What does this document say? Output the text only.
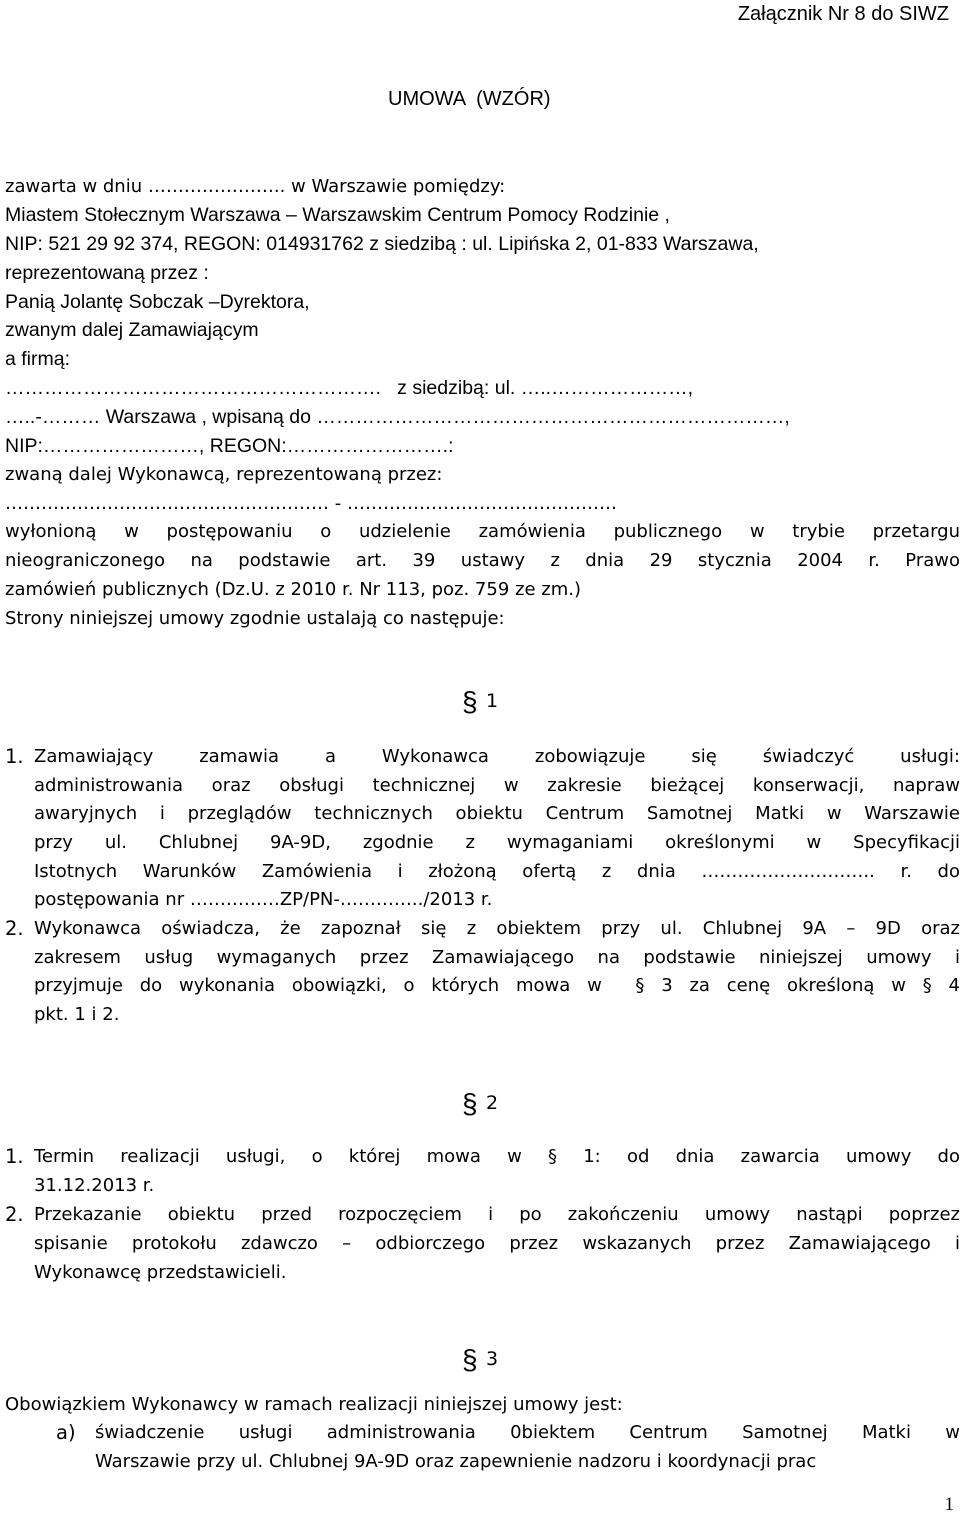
Załącznik Nr 8 do SIWZ
UMOWA  (WZÓR)

zawarta w dniu ………………….. w Warszawie pomiędzy:

Miastem Stołecznym Warszawa – Warszawskim Centrum Pomocy Rodzinie ,

NIP: 521 29 92 374, REGON: 014931762 z siedzibą : ul. Lipińska 2, 01-833 Warszawa,

reprezentowaną przez :

Panią Jolantę Sobczak –Dyrektora,

zwanym dalej Zamawiającym

a firmą:

………………………………………………….   z siedzibą: ul. …..…………………,

…..-……… Warszawa , wpisaną do ………………………………………………………………,

NIP:……………………, REGON:…………………….:

zwaną dalej Wykonawcą, reprezentowaną przez:

……………………………………………… - ………………………………………

wyłonioną w postępowaniu o udzielenie zamówienia publicznego w trybie przetargu

nieograniczonego na podstawie art. 39 ustawy z dnia 29 stycznia 2004 r. Prawo

zamówień publicznych (Dz.U. z 2010 r. Nr 113, poz. 759 ze zm.)

Strony niniejszej umowy zgodnie ustalają co następuje:

§ 1
1. Zamawiający zamawia a Wykonawca zobowiązuje się świadczyć usługi:

administrowania oraz obsługi technicznej w zakresie bieżącej konserwacji, napraw

awaryjnych i przeglądów technicznych obiektu Centrum Samotnej Matki w Warszawie

przy ul. Chlubnej 9A-9D, zgodnie z wymaganiami określonymi w Specyfikacji

Istotnych Warunków Zamówienia i złożoną ofertą z dnia ……………………….. r. do

postępowania nr ……………ZP/PN-…………../2013 r.

2. Wykonawca oświadcza, że zapoznał się z obiektem przy ul. Chlubnej 9A – 9D oraz

zakresem usług wymaganych przez Zamawiającego na podstawie niniejszej umowy i

przyjmuje do wykonania obowiązki, o których mowa w  § 3 za cenę określoną w § 4

pkt. 1 i 2.

§ 2
1. Termin realizacji usługi, o której mowa w § 1: od dnia zawarcia umowy do

31.12.2013 r.

2. Przekazanie obiektu przed rozpoczęciem i po zakończeniu umowy nastąpi poprzez

spisanie protokołu zdawczo – odbiorczego przez wskazanych przez Zamawiającego i

Wykonawcę przedstawicieli.

§ 3

Obowiązkiem Wykonawcy w ramach realizacji niniejszej umowy jest:

a) świadczenie usługi administrowania 0biektem Centrum Samotnej Matki w

Warszawie przy ul. Chlubnej 9A-9D oraz zapewnienie nadzoru i koordynacji prac

1
